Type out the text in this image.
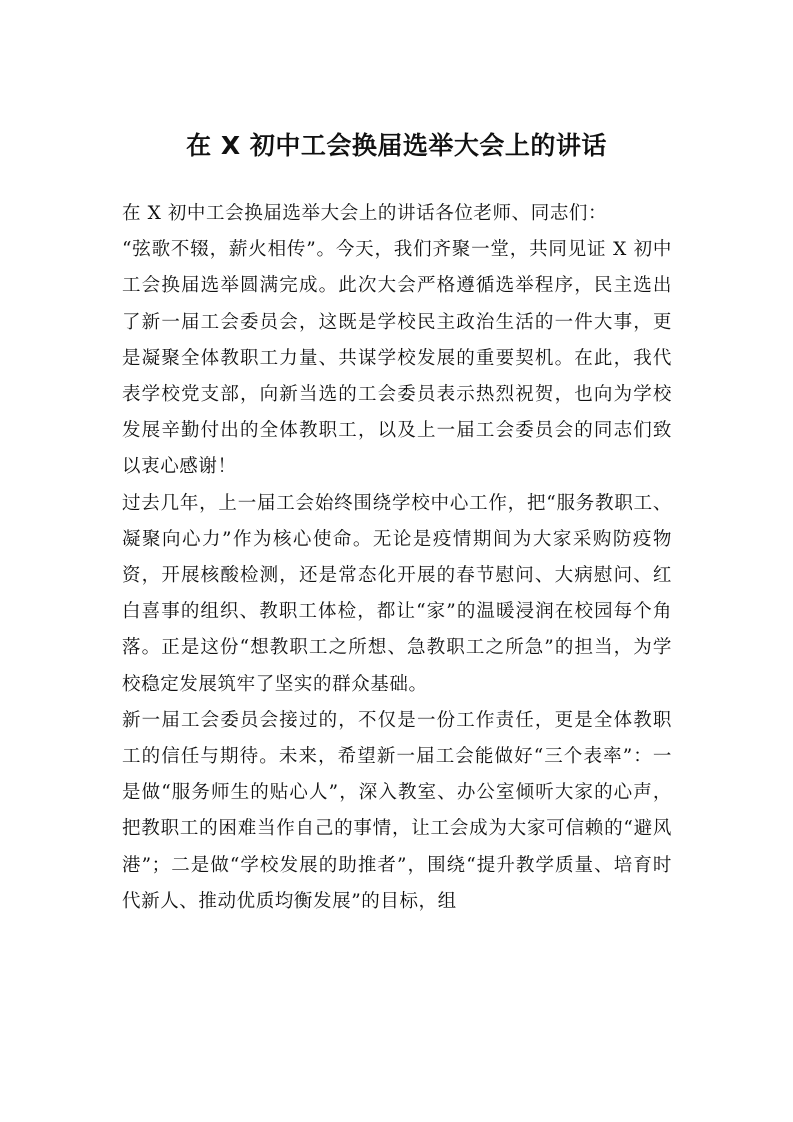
在 X 初中工会换届选举大会上的讲话

在 X 初中工会换届选举大会上的讲话各位老师、同志们：

“弦歌不辍，薪火相传”。今天，我们齐聚一堂，共同见证 X 初中工会换届选举圆满完成。此次大会严格遵循选举程序，民主选出了新一届工会委员会，这既是学校民主政治生活的一件大事，更是凝聚全体教职工力量、共谋学校发展的重要契机。在此，我代表学校党支部，向新当选的工会委员表示热烈祝贺，也向为学校发展辛勤付出的全体教职工，以及上一届工会委员会的同志们致以衷心感谢！

过去几年，上一届工会始终围绕学校中心工作，把“服务教职工、凝聚向心力”作为核心使命。无论是疫情期间为大家采购防疫物资，开展核酸检测，还是常态化开展的春节慰问、大病慰问、红白喜事的组织、教职工体检，都让“家”的温暖浸润在校园每个角落。正是这份“想教职工之所想、急教职工之所急”的担当，为学校稳定发展筑牢了坚实的群众基础。

新一届工会委员会接过的，不仅是一份工作责任，更是全体教职工的信任与期待。未来，希望新一届工会能做好“三个表率”：一是做“服务师生的贴心人”，深入教室、办公室倾听大家的心声，把教职工的困难当作自己的事情，让工会成为大家可信赖的“避风港”；二是做“学校发展的助推者”，围绕“提升教学质量、培育时代新人、推动优质均衡发展”的目标，组
